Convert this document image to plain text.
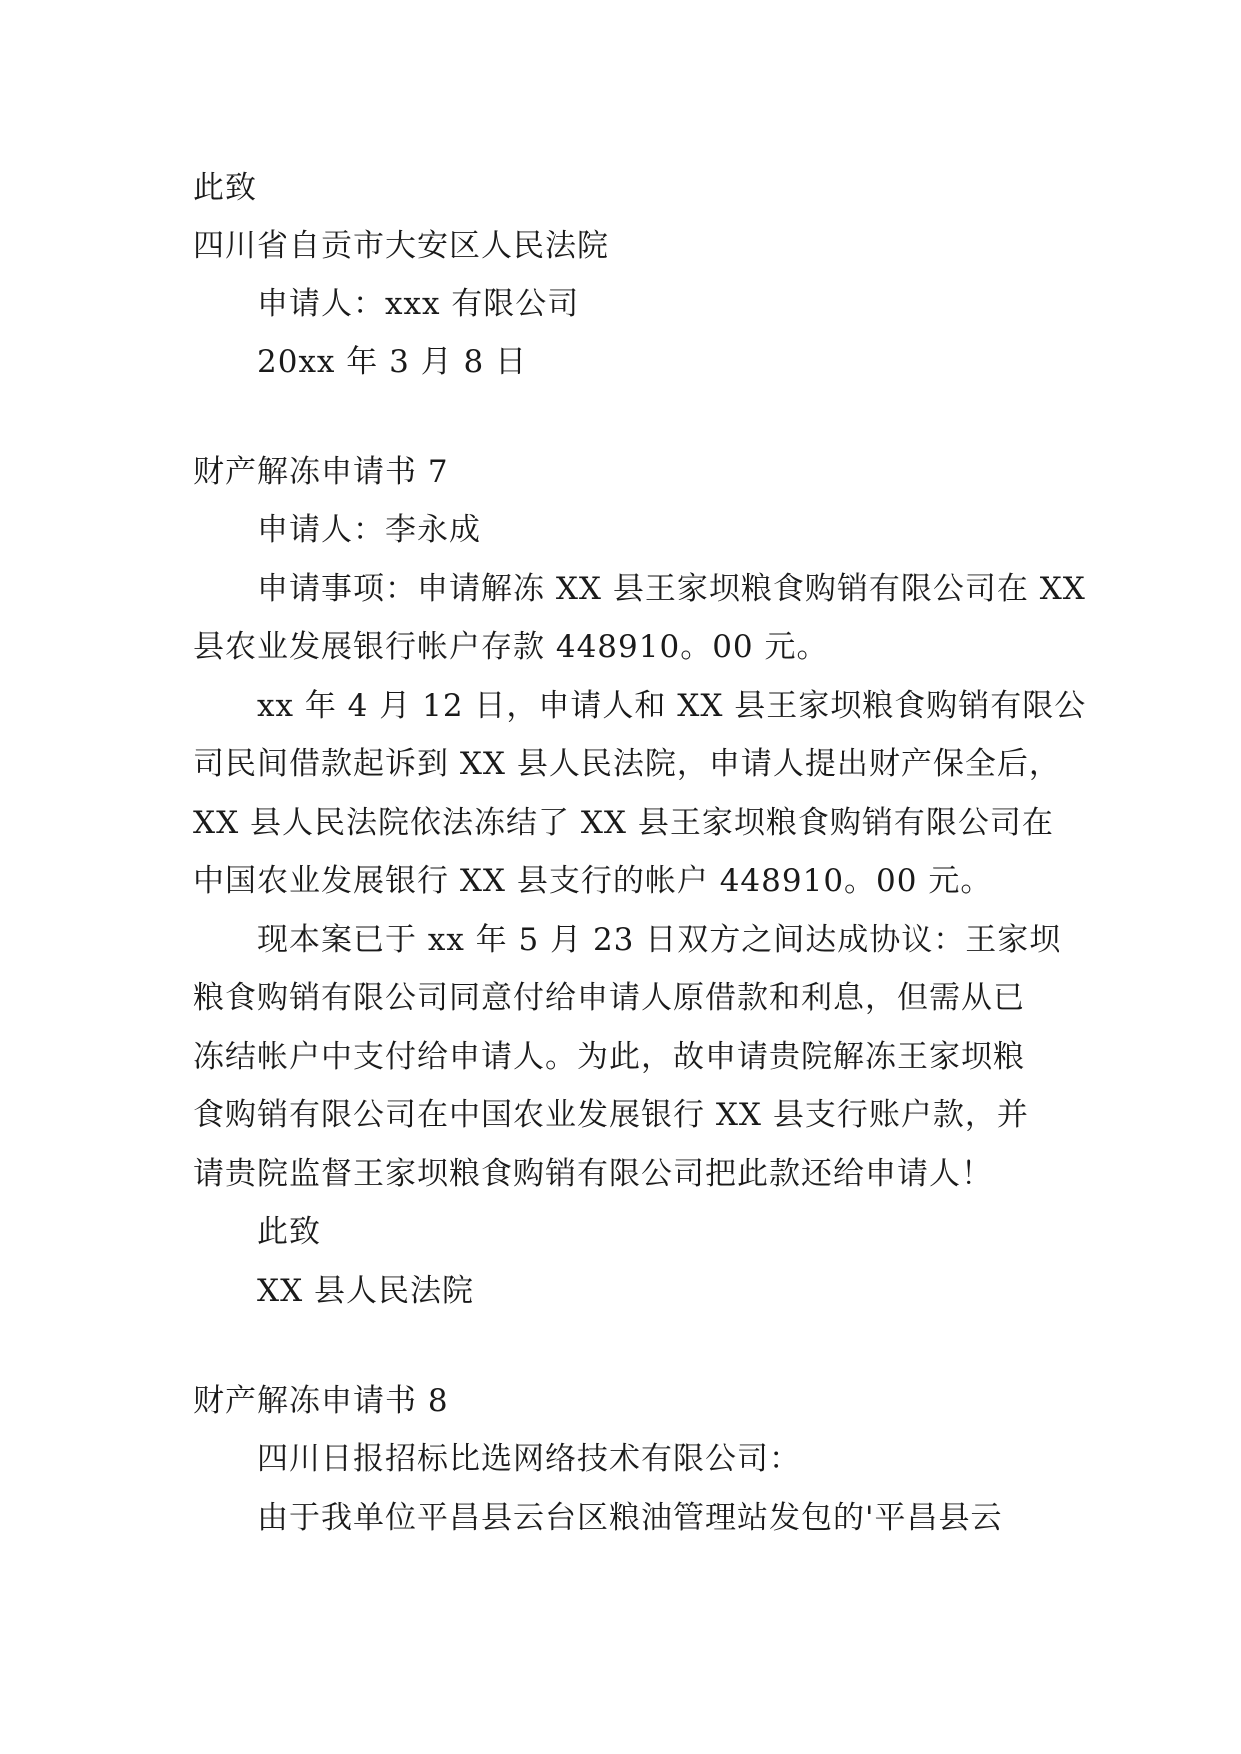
此致
四川省自贡市大安区人民法院
申请人：xxx 有限公司
20xx 年 3 月 8 日
财产解冻申请书 7
申请人：李永成
申请事项：申请解冻 XX 县王家坝粮食购销有限公司在 XX
县农业发展银行帐户存款 448910。00 元。
xx 年 4 月 12 日，申请人和 XX 县王家坝粮食购销有限公
司民间借款起诉到 XX 县人民法院，申请人提出财产保全后，
XX 县人民法院依法冻结了 XX 县王家坝粮食购销有限公司在
中国农业发展银行 XX 县支行的帐户 448910。00 元。
现本案已于 xx 年 5 月 23 日双方之间达成协议：王家坝
粮食购销有限公司同意付给申请人原借款和利息，但需从已
冻结帐户中支付给申请人。为此，故申请贵院解冻王家坝粮
食购销有限公司在中国农业发展银行 XX 县支行账户款，并
请贵院监督王家坝粮食购销有限公司把此款还给申请人！
此致
XX 县人民法院
财产解冻申请书 8
四川日报招标比选网络技术有限公司：
由于我单位平昌县云台区粮油管理站发包的'平昌县云
